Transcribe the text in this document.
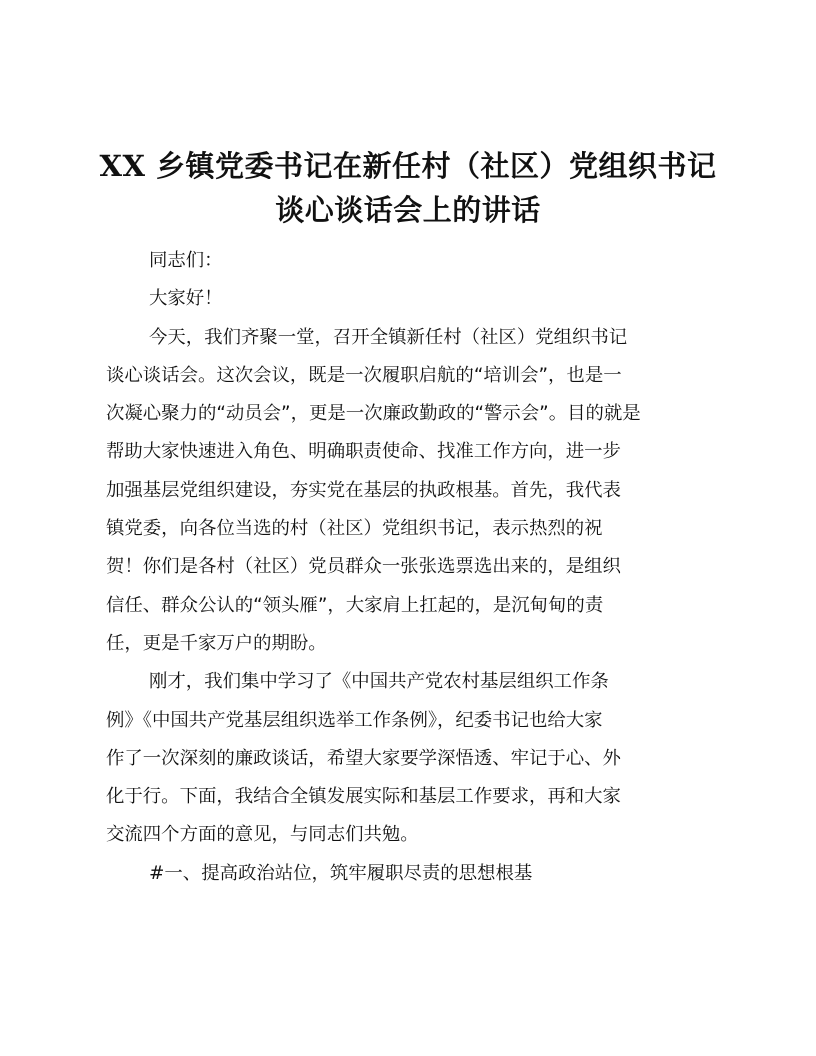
XX 乡镇党委书记在新任村（社区）党组织书记
谈心谈话会上的讲话
同志们：
大家好！
今天，我们齐聚一堂，召开全镇新任村（社区）党组织书记
谈心谈话会。这次会议，既是一次履职启航的“培训会”，也是一
次凝心聚力的“动员会”，更是一次廉政勤政的“警示会”。目的就是
帮助大家快速进入角色、明确职责使命、找准工作方向，进一步
加强基层党组织建设，夯实党在基层的执政根基。首先，我代表
镇党委，向各位当选的村（社区）党组织书记，表示热烈的祝
贺！你们是各村（社区）党员群众一张张选票选出来的，是组织
信任、群众公认的“领头雁”，大家肩上扛起的，是沉甸甸的责
任，更是千家万户的期盼。
刚才，我们集中学习了《中国共产党农村基层组织工作条
例》《中国共产党基层组织选举工作条例》，纪委书记也给大家
作了一次深刻的廉政谈话，希望大家要学深悟透、牢记于心、外
化于行。下面，我结合全镇发展实际和基层工作要求，再和大家
交流四个方面的意见，与同志们共勉。
#一、提高政治站位，筑牢履职尽责的思想根基
